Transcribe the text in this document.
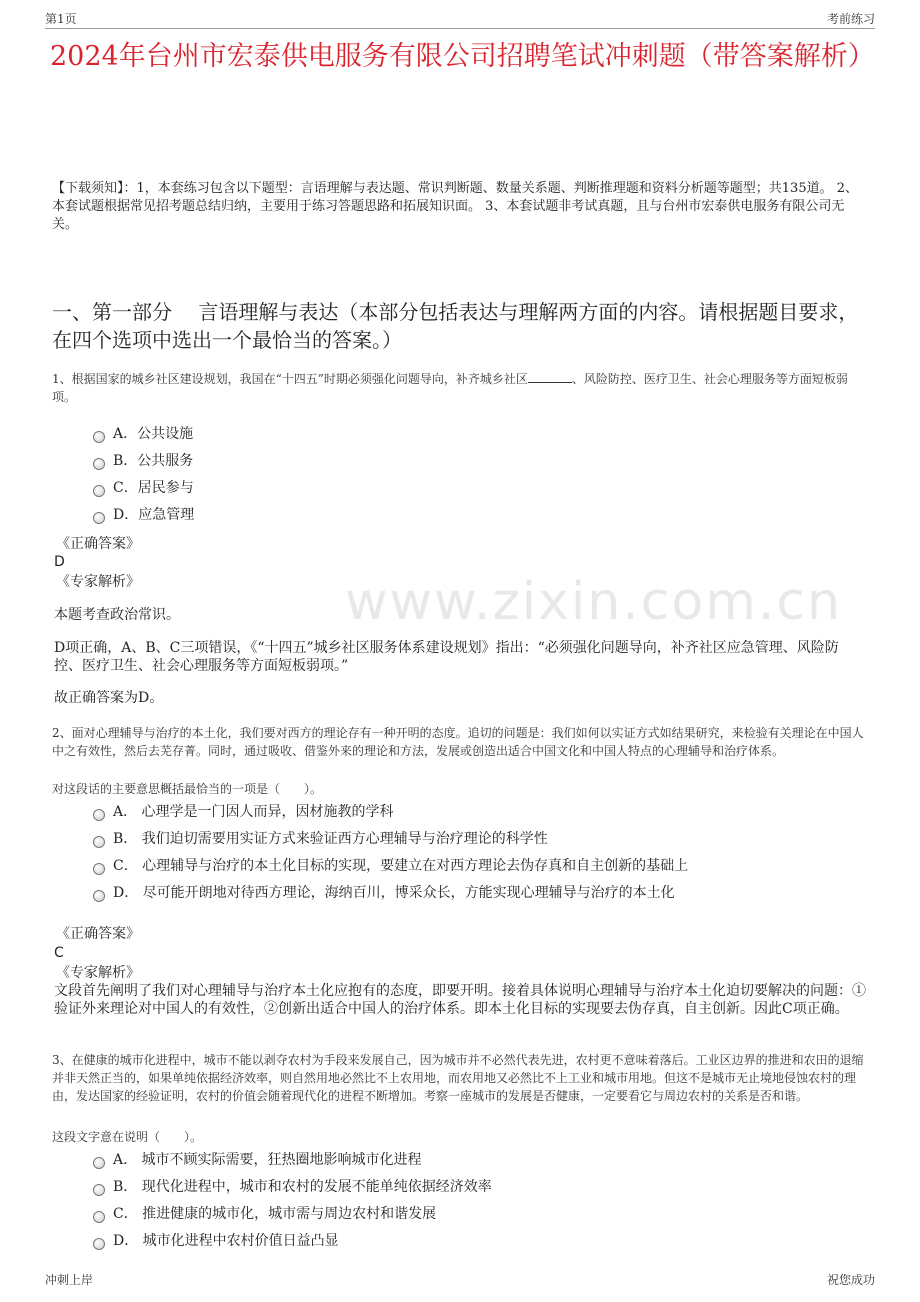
第1页	考前练习
2024年台州市宏泰供电服务有限公司招聘笔试冲刺题（带答案解析）

【下载须知】：1，本套练习包含以下题型：言语理解与表达题、常识判断题、数量关系题、判断推理题和资料分析题等题型；共135道。 2、本套试题根据常见招考题总结归纳，主要用于练习答题思路和拓展知识面。 3、本套试题非考试真题，且与台州市宏泰供电服务有限公司无关。

一、第一部分　 言语理解与表达（本部分包括表达与理解两方面的内容。请根据题目要求，在四个选项中选出一个最恰当的答案。）
www.zixin.com.cn

1、根据国家的城乡社区建设规划，我国在“十四五”时期必须强化问题导向，补齐城乡社区	、风险防控、医疗卫生、社会心理服务等方面短板弱项。

A．公共设施
B．公共服务
C．居民参与
D．应急管理

《正确答案》

D

《专家解析》

本题考查政治常识。

D项正确，A、B、C三项错误，《“十四五”城乡社区服务体系建设规划》指出：“必须强化问题导向，补齐社区应急管理、风险防控、医疗卫生、社会心理服务等方面短板弱项。”

故正确答案为D。

2、面对心理辅导与治疗的本土化，我们要对西方的理论存有一种开明的态度。追切的问题是：我们如何以实证方式如结果研究，来检验有关理论在中国人中之有效性，然后去芜存菁。同时，通过吸收、借鉴外来的理论和方法，发展或创造出适合中国文化和中国人特点的心理辅导和治疗体系。

对这段话的主要意思概括最恰当的一项是（　　）。

A． 心理学是一门因人而异，因材施教的学科
B． 我们迫切需要用实证方式来验证西方心理辅导与治疗理论的科学性
C． 心理辅导与治疗的本土化目标的实现，要建立在对西方理论去伪存真和自主创新的基础上
D． 尽可能开朗地对待西方理论，海纳百川，博采众长，方能实现心理辅导与治疗的本土化

《正确答案》

C

《专家解析》

文段首先阐明了我们对心理辅导与治疗本土化应抱有的态度，即要开明。接着具体说明心理辅导与治疗本土化迫切要解决的问题：①验证外来理论对中国人的有效性，②创新出适合中国人的治疗体系。即本土化目标的实现要去伪存真，自主创新。因此C项正确。

3、在健康的城市化进程中，城市不能以剥夺农村为手段来发展自己，因为城市并不必然代表先进，农村更不意味着落后。工业区边界的推进和农田的退缩并非天然正当的，如果单纯依据经济效率，则自然用地必然比不上农用地，而农用地又必然比不上工业和城市用地。但这不是城市无止境地侵蚀农村的理由，发达国家的经验证明，农村的价值会随着现代化的进程不断增加。考察一座城市的发展是否健康，一定要看它与周边农村的关系是否和谐。

这段文字意在说明（　　）。

A． 城市不顾实际需要，狂热圈地影响城市化进程
B． 现代化进程中，城市和农村的发展不能单纯依据经济效率
C． 推进健康的城市化，城市需与周边农村和谐发展
D． 城市化进程中农村价值日益凸显
冲刺上岸	祝您成功
